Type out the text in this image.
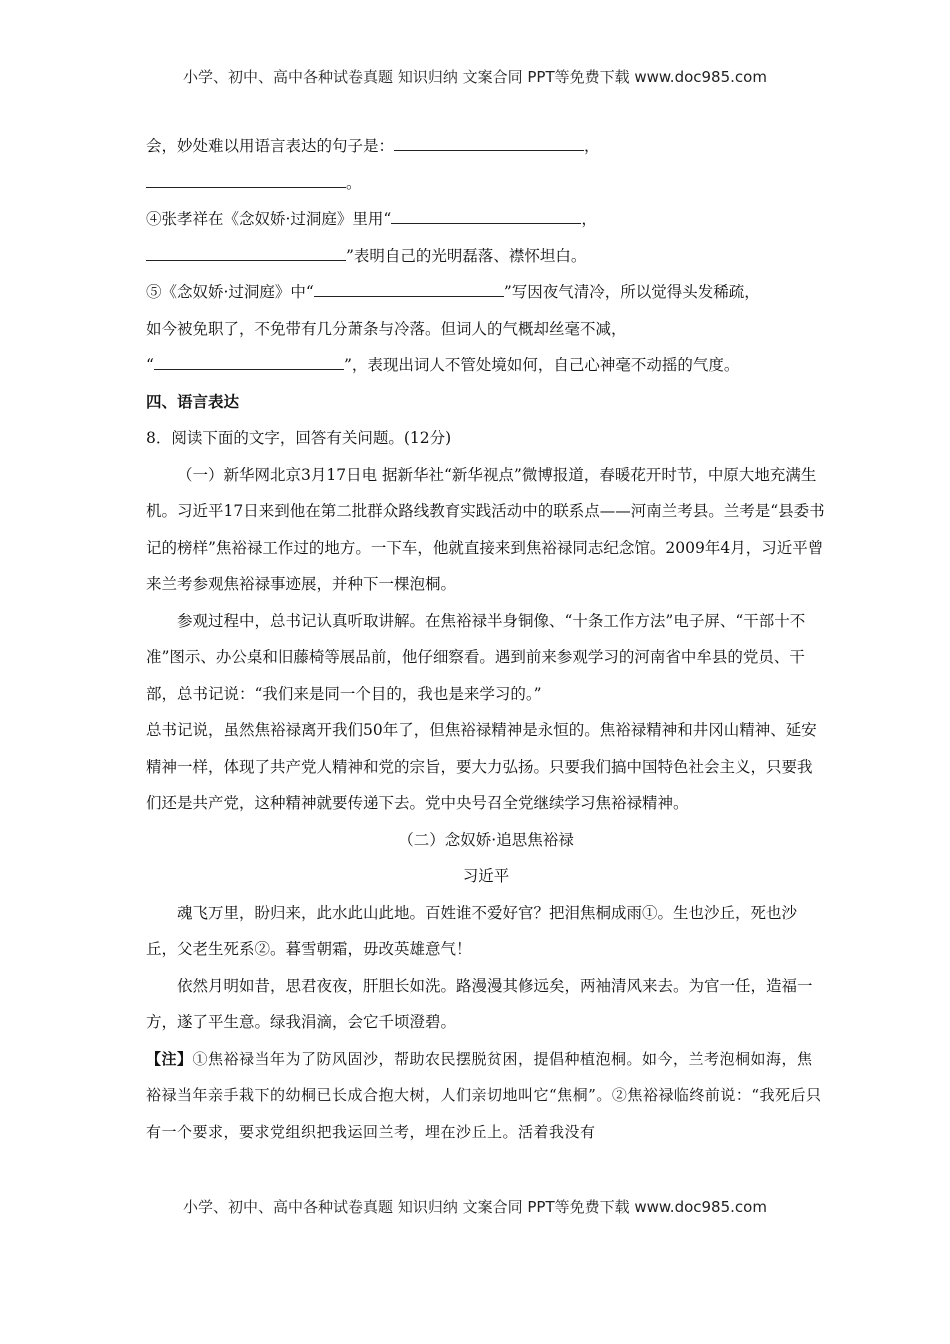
小学、初中、高中各种试卷真题 知识归纳 文案合同 PPT等免费下载 www.doc985.com

会，妙处难以用语言表达的句子是：	，

。

④张孝祥在《念奴娇·过洞庭》里用“	，

”表明自己的光明磊落、襟怀坦白。

⑤《念奴娇·过洞庭》中“	”写因夜气清冷，所以觉得头发稀疏，

如今被免职了，不免带有几分萧条与冷落。但词人的气概却丝毫不减，

“	”，表现出词人不管处境如何，自己心神毫不动摇的气度。

四、语言表达

8．阅读下面的文字，回答有关问题。(12分)

（一）新华网北京3月17日电 据新华社“新华视点”微博报道，春暖花开时节，中原大地充满生机。习近平17日来到他在第二批群众路线教育实践活动中的联系点——河南兰考县。兰考是“县委书记的榜样”焦裕禄工作过的地方。一下车，他就直接来到焦裕禄同志纪念馆。2009年4月，习近平曾来兰考参观焦裕禄事迹展，并种下一棵泡桐。

参观过程中，总书记认真听取讲解。在焦裕禄半身铜像、“十条工作方法”电子屏、“干部十不准”图示、办公桌和旧藤椅等展品前，他仔细察看。遇到前来参观学习的河南省中牟县的党员、干部，总书记说：“我们来是同一个目的，我也是来学习的。”

总书记说，虽然焦裕禄离开我们50年了，但焦裕禄精神是永恒的。焦裕禄精神和井冈山精神、延安精神一样，体现了共产党人精神和党的宗旨，要大力弘扬。只要我们搞中国特色社会主义，只要我们还是共产党，这种精神就要传递下去。党中央号召全党继续学习焦裕禄精神。

（二）念奴娇·追思焦裕禄

习近平

魂飞万里，盼归来，此水此山此地。百姓谁不爱好官？把泪焦桐成雨①。生也沙丘，死也沙丘，父老生死系②。暮雪朝霜，毋改英雄意气！

依然月明如昔，思君夜夜，肝胆长如洗。路漫漫其修远矣，两袖清风来去。为官一任，造福一方，遂了平生意。绿我涓滴，会它千顷澄碧。

【注】①焦裕禄当年为了防风固沙，帮助农民摆脱贫困，提倡种植泡桐。如今，兰考泡桐如海，焦裕禄当年亲手栽下的幼桐已长成合抱大树，人们亲切地叫它“焦桐”。②焦裕禄临终前说：“我死后只有一个要求，要求党组织把我运回兰考，埋在沙丘上。活着我没有

小学、初中、高中各种试卷真题 知识归纳 文案合同 PPT等免费下载 www.doc985.com
